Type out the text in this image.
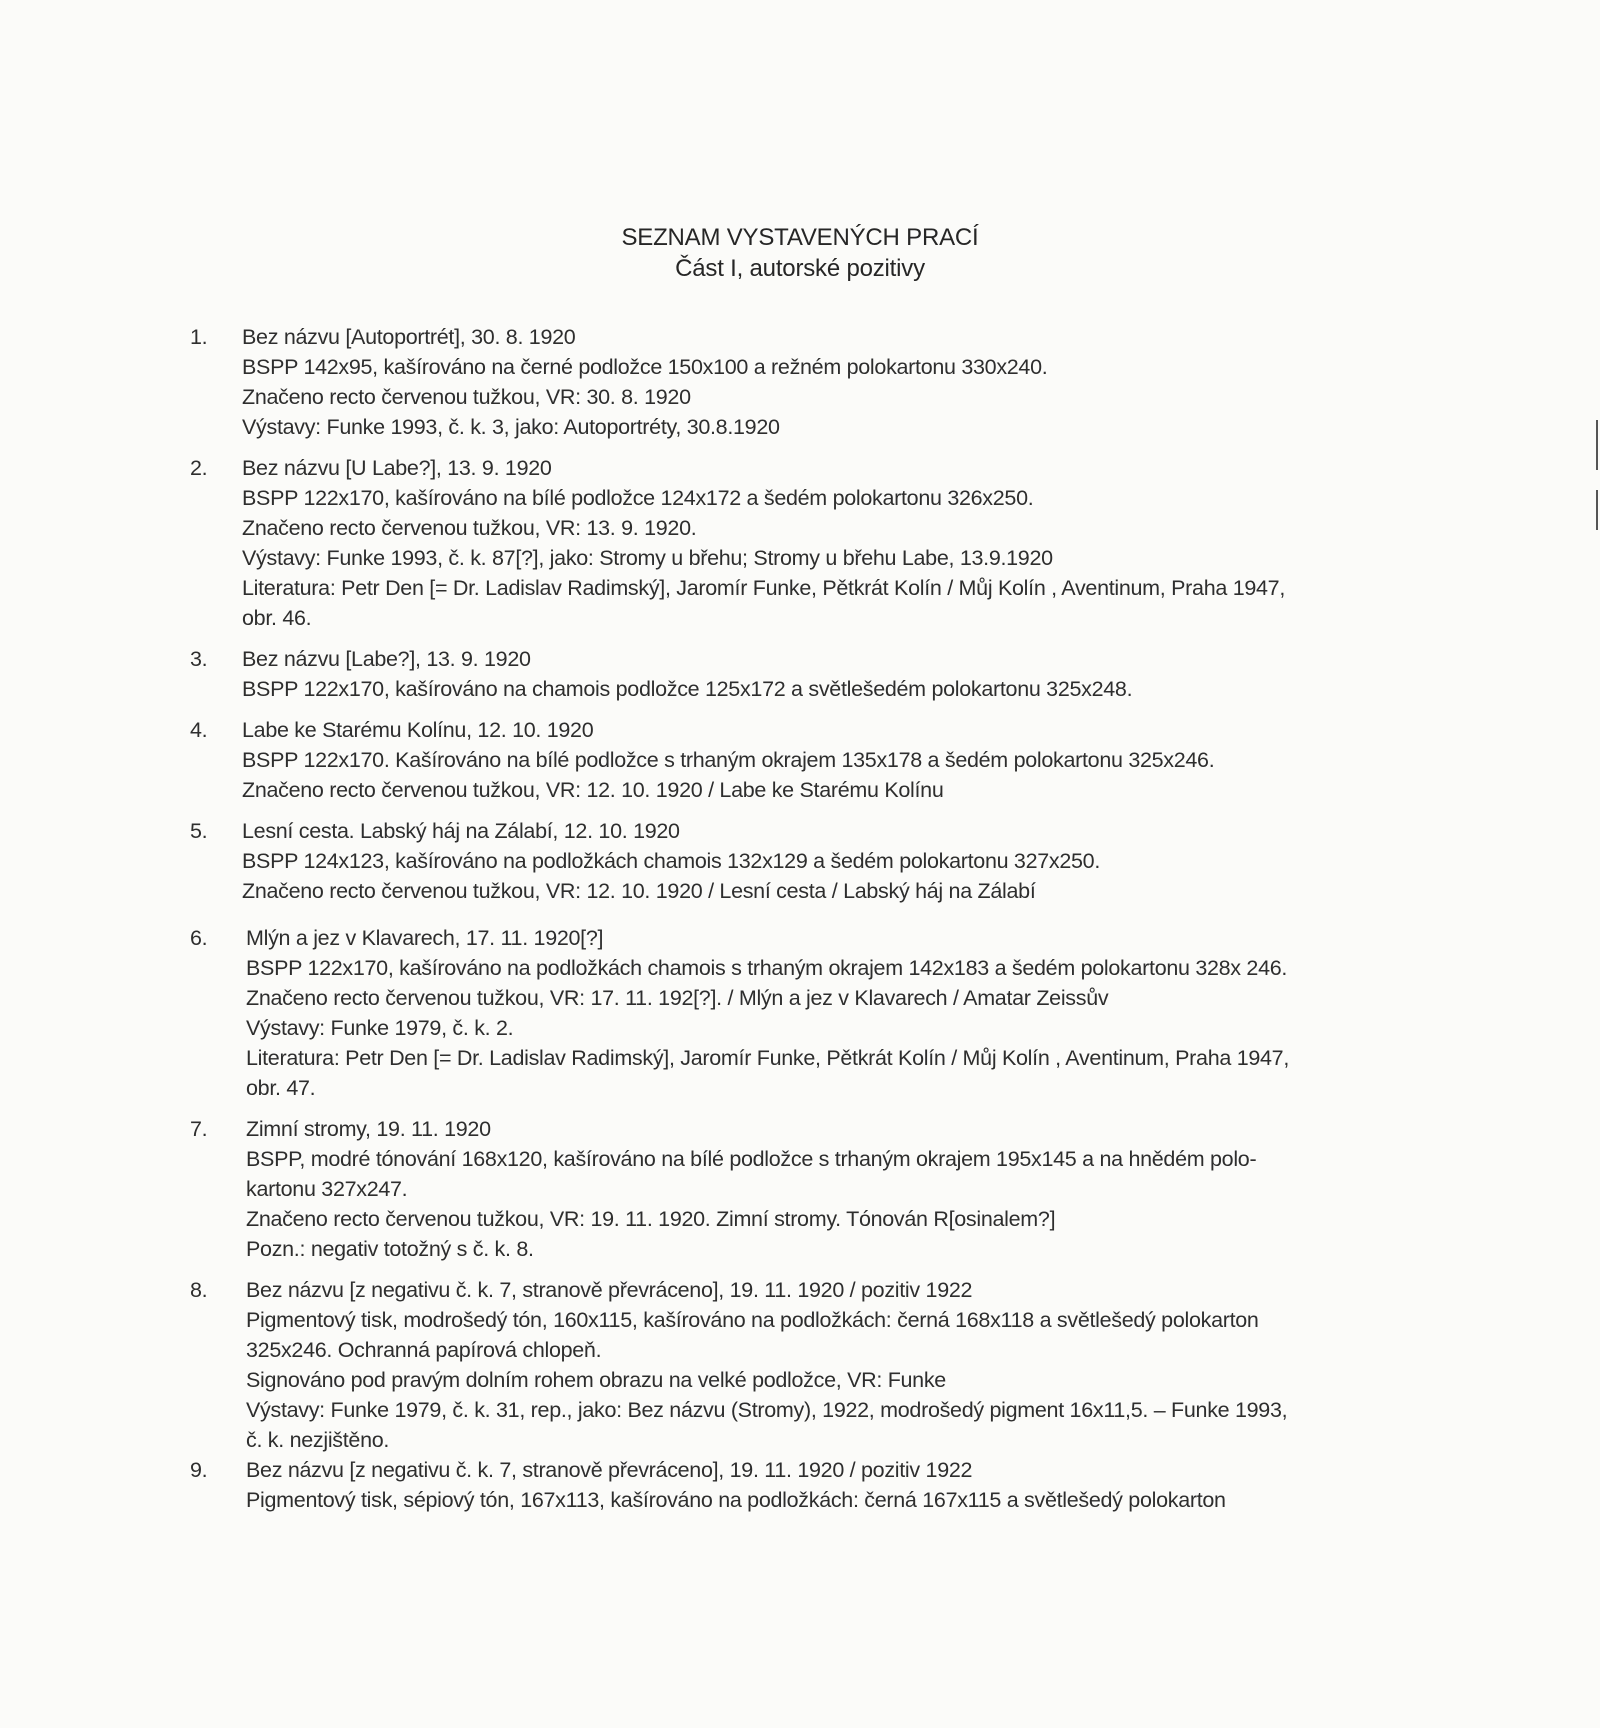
SEZNAM VYSTAVENÝCH PRACÍ
Část I, autorské pozitivy
1. Bez názvu [Autoportrét], 30. 8. 1920
BSPP 142x95, kašírováno na černé podložce 150x100 a režném polokartonu 330x240.
Značeno recto červenou tužkou, VR: 30. 8. 1920
Výstavy: Funke 1993, č. k. 3, jako: Autoportréty, 30.8.1920
2. Bez názvu [U Labe?], 13. 9. 1920
BSPP 122x170, kašírováno na bílé podložce 124x172 a šedém polokartonu 326x250.
Značeno recto červenou tužkou, VR: 13. 9. 1920.
Výstavy: Funke 1993, č. k. 87[?], jako: Stromy u břehu; Stromy u břehu Labe, 13.9.1920
Literatura: Petr Den [= Dr. Ladislav Radimský], Jaromír Funke, Pětkrát Kolín / Můj Kolín , Aventinum, Praha 1947,
obr. 46.
3. Bez názvu [Labe?], 13. 9. 1920
BSPP 122x170, kašírováno na chamois podložce 125x172 a světlešedém polokartonu 325x248.
4. Labe ke Starému Kolínu, 12. 10. 1920
BSPP 122x170. Kašírováno na bílé podložce s trhaným okrajem 135x178 a šedém polokartonu 325x246.
Značeno recto červenou tužkou, VR: 12. 10. 1920 / Labe ke Starému Kolínu
5. Lesní cesta. Labský háj na Zálabí, 12. 10. 1920
BSPP 124x123, kašírováno na podložkách chamois 132x129 a šedém polokartonu 327x250.
Značeno recto červenou tužkou, VR: 12. 10. 1920 / Lesní cesta / Labský háj na Zálabí
6. Mlýn a jez v Klavarech, 17. 11. 1920[?]
BSPP 122x170, kašírováno na podložkách chamois s trhaným okrajem 142x183 a šedém polokartonu 328x 246.
Značeno recto červenou tužkou, VR: 17. 11. 192[?]. / Mlýn a jez v Klavarech / Amatar Zeissův
Výstavy: Funke 1979, č. k. 2.
Literatura: Petr Den [= Dr. Ladislav Radimský], Jaromír Funke, Pětkrát Kolín / Můj Kolín , Aventinum, Praha 1947,
obr. 47.
7. Zimní stromy, 19. 11. 1920
BSPP, modré tónování 168x120, kašírováno na bílé podložce s trhaným okrajem 195x145 a na hnědém polo-
kartonu 327x247.
Značeno recto červenou tužkou, VR: 19. 11. 1920. Zimní stromy. Tónován R[osinalem?]
Pozn.: negativ totožný s č. k. 8.
8. Bez názvu [z negativu č. k. 7, stranově převráceno], 19. 11. 1920 / pozitiv 1922
Pigmentový tisk, modrošedý tón, 160x115, kašírováno na podložkách: černá 168x118 a světlešedý polokarton
325x246. Ochranná papírová chlopeň.
Signováno pod pravým dolním rohem obrazu na velké podložce, VR: Funke
Výstavy: Funke 1979, č. k. 31, rep., jako: Bez názvu (Stromy), 1922, modrošedý pigment 16x11,5. – Funke 1993,
č. k. nezjištěno.
9. Bez názvu [z negativu č. k. 7, stranově převráceno], 19. 11. 1920 / pozitiv 1922
Pigmentový tisk, sépiový tón, 167x113, kašírováno na podložkách: černá 167x115 a světlešedý polokarton
